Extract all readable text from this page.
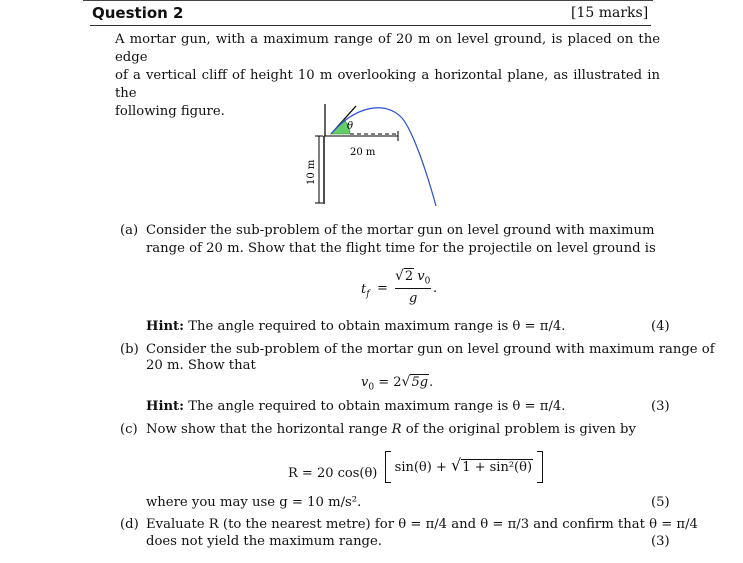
Question 2	[15 marks]
A mortar gun, with a maximum range of 20 m on level ground, is placed on the edge
of a vertical cliff of height 10 m overlooking a horizontal plane, as illustrated in the
following figure.
θ
20 m
10 m
(a) Consider the sub-problem of the mortar gun on level ground with maximum
range of 20 m. Show that the flight time for the projectile on level ground is
$t_f$ =
√2 $v_0$
g
.
Hint: The angle required to obtain maximum range is θ = π/4.	(4)
(b) Consider the sub-problem of the mortar gun on level ground with maximum range of
20 m. Show that
$v_0 = 2√5g$.
Hint: The angle required to obtain maximum range is θ = π/4.	(3)
(c) Now show that the horizontal range R of the original problem is given by
R = 20 cos(θ) sin(θ) + √1 + sin²(θ)
where you may use g = 10 m/s².	(5)
(d) Evaluate R (to the nearest metre) for θ = π/4 and θ = π/3 and confirm that θ = π/4
does not yield the maximum range.	(3)
